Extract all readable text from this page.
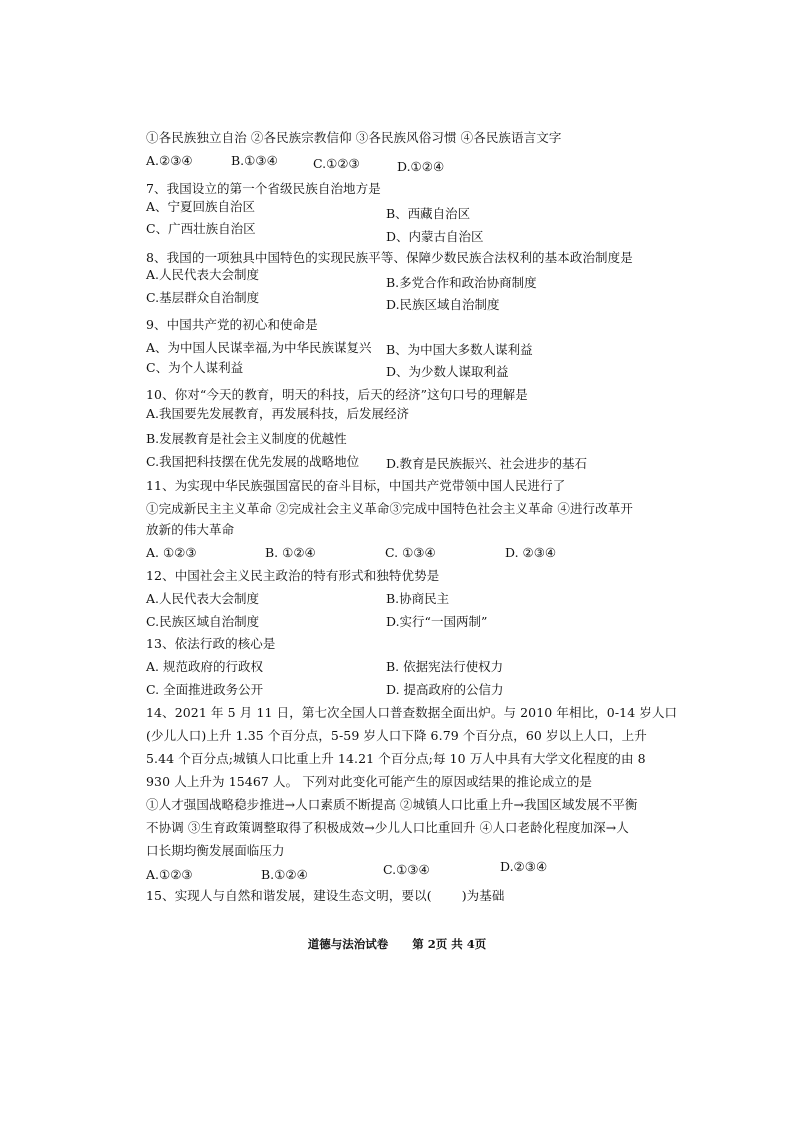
①各民族独立自治 ②各民族宗教信仰 ③各民族风俗习惯 ④各民族语言文字
A.②③④	B.①③④	C.①②③	D.①②④
7、我国设立的第一个省级民族自治地方是
A、宁夏回族自治区	B、西藏自治区
C、广西壮族自治区
D、内蒙古自治区
8、我国的一项独具中国特色的实现民族平等、保障少数民族合法权利的基本政治制度是
A.人民代表大会制度
B.多党合作和政治协商制度
C.基层群众自治制度	D.民族区域自治制度
9、中国共产党的初心和使命是
A、为中国人民谋幸福,为中华民族谋复兴 B、为中国大多数人谋利益
C、为个人谋利益	D、为少数人谋取利益
10、你对“今天的教育，明天的科技，后天的经济”这句口号的理解是
A.我国要先发展教育，再发展科技，后发展经济
B.发展教育是社会主义制度的优越性
C.我国把科技摆在优先发展的战略地位 D.教育是民族振兴、社会进步的基石
11、为实现中华民族强国富民的奋斗目标，中国共产党带领中国人民进行了
①完成新民主主义革命 ②完成社会主义革命③完成中国特色社会主义革命 ④进行改革开
放新的伟大革命
A. ①②③	B. ①②④	C. ①③④	D. ②③④
12、中国社会主义民主政治的特有形式和独特优势是
A.人民代表大会制度	B.协商民主
C.民族区域自治制度	D.实行“一国两制”
13、依法行政的核心是
A. 规范政府的行政权	B. 依据宪法行使权力
C. 全面推进政务公开	D. 提高政府的公信力
14、2021 年 5 月 11 日，第七次全国人口普查数据全面出炉。与 2010 年相比，0-14 岁人口
(少儿人口)上升 1.35 个百分点，5-59 岁人口下降 6.79 个百分点，60 岁以上人口，上升
5.44 个百分点;城镇人口比重上升 14.21 个百分点;每 10 万人中具有大学文化程度的由 8
930 人上升为 15467 人。 下列对此变化可能产生的原因或结果的推论成立的是
①人才强国战略稳步推进→人口素质不断提高 ②城镇人口比重上升→我国区域发展不平衡
不协调 ③生育政策调整取得了积极成效→少儿人口比重回升 ④人口老龄化程度加深→人
口长期均衡发展面临压力
A.①②③	B.①②④	C.①③④	D.②③④
15、实现人与自然和谐发展，建设生态文明，要以( )为基础
道德与法治试卷 第 2页 共 4页
